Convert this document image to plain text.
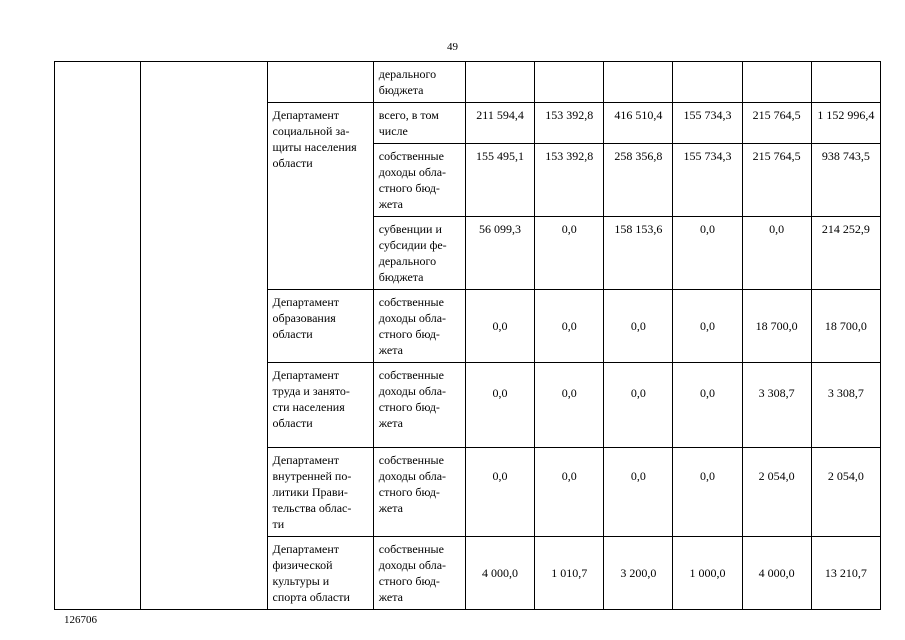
49
			дерального
бюджета						
		Департамент
социальной за-
щиты населения
области	всего, в том
числе	211 594,4	153 392,8	416 510,4	155 734,3	215 764,5	1 152 996,4
			собственные
доходы обла-
стного бюд-
жета	155 495,1	153 392,8	258 356,8	155 734,3	215 764,5	938 743,5
			субвенции и
субсидии фе-
дерального
бюджета	56 099,3	0,0	158 153,6	0,0	0,0	214 252,9
		Департамент
образования
области	собственные
доходы обла-
стного бюд-
жета	0,0	0,0	0,0	0,0	18 700,0	18 700,0
		Департамент
труда и занято-
сти населения
области	собственные
доходы обла-
стного бюд-
жета	0,0	0,0	0,0	0,0	3 308,7	3 308,7
		Департамент
внутренней по-
литики Прави-
тельства облас-
ти	собственные
доходы обла-
стного бюд-
жета	0,0	0,0	0,0	0,0	2 054,0	2 054,0
		Департамент
физической
культуры и
спорта области	собственные
доходы обла-
стного бюд-
жета	4 000,0	1 010,7	3 200,0	1 000,0	4 000,0	13 210,7
126706
